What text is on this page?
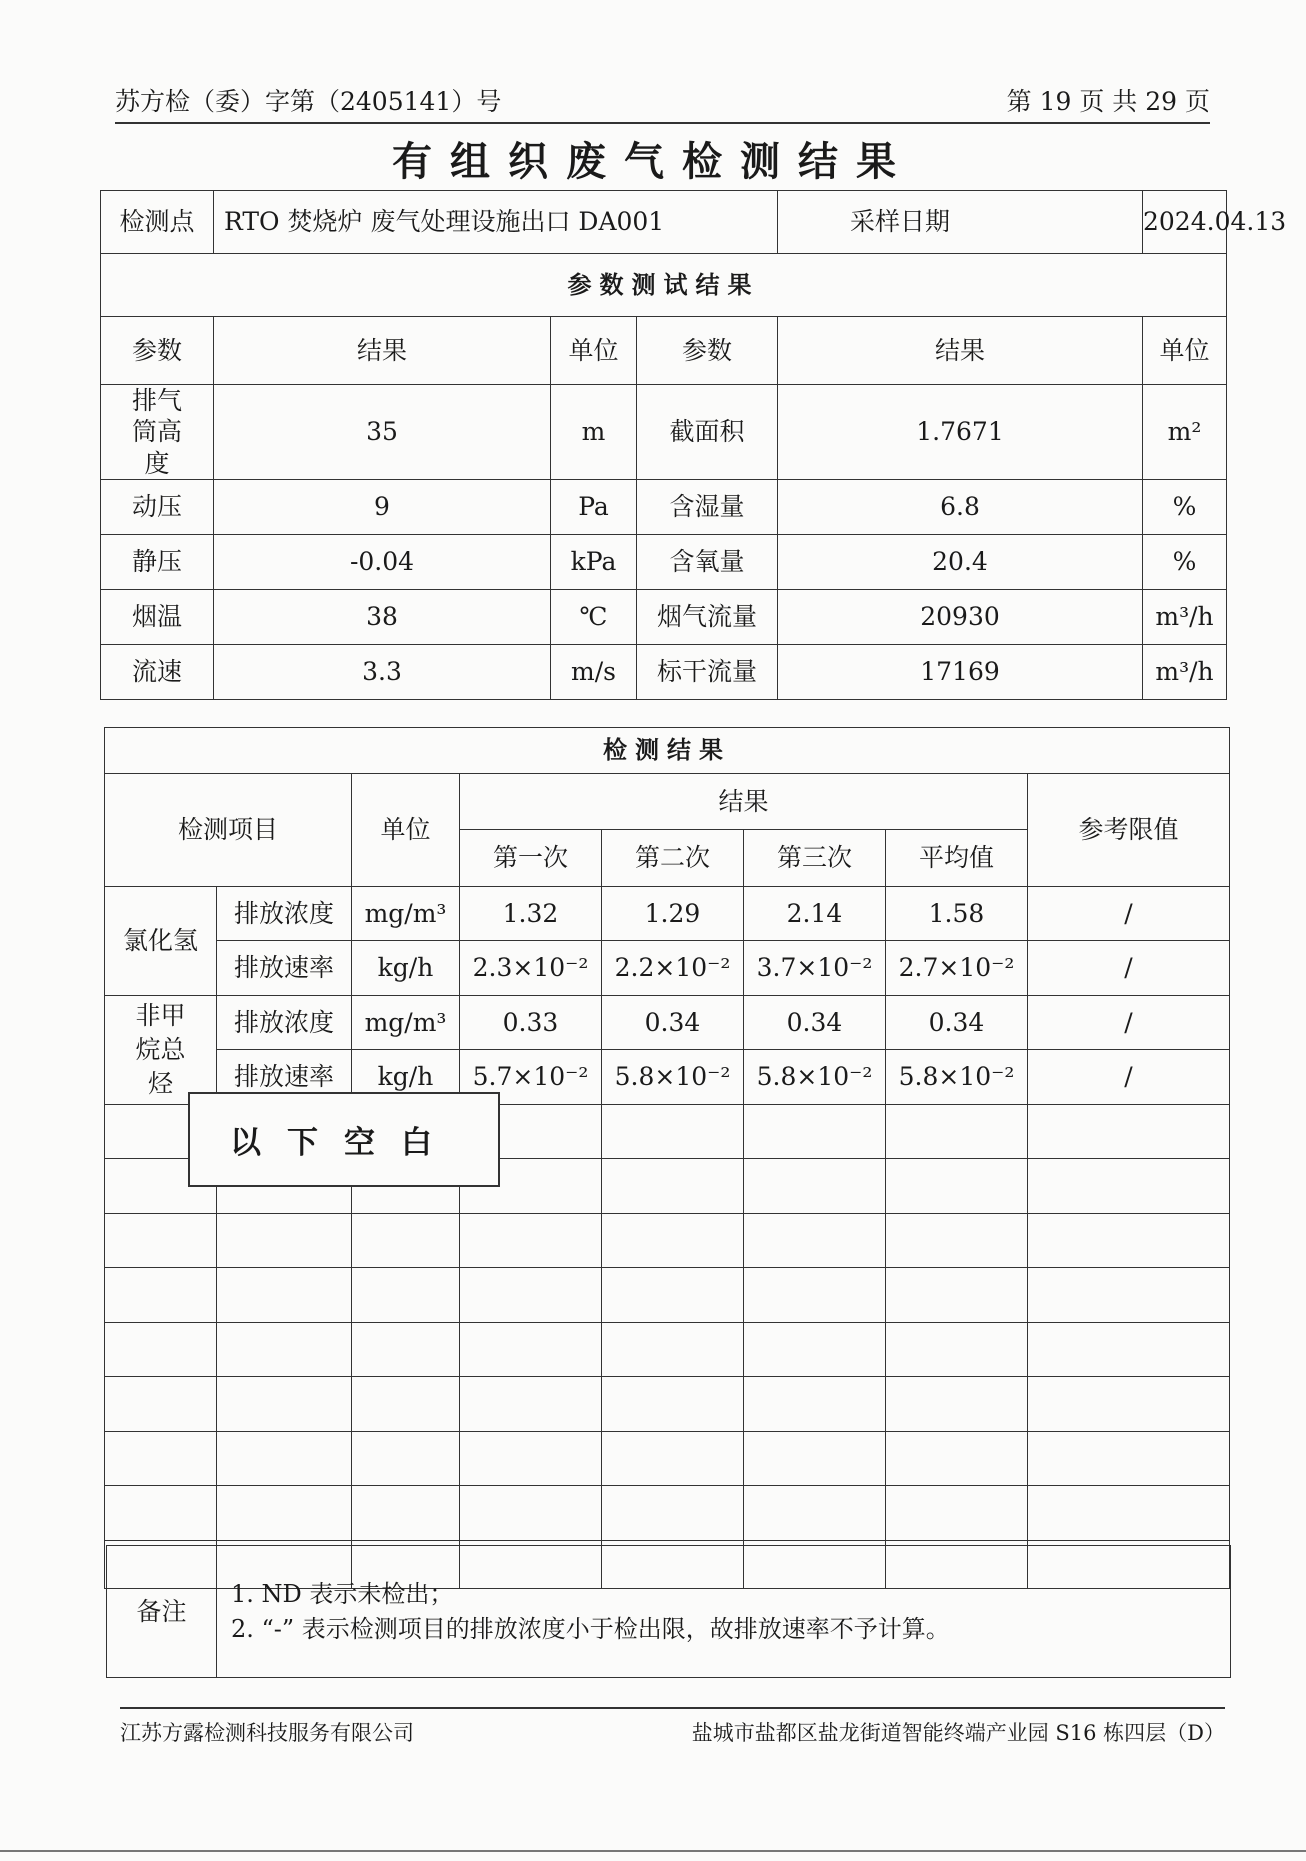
苏方检（委）字第（2405141）号	第 19 页 共 29 页
有组织废气检测结果
检测点	RTO 焚烧炉 废气处理设施出口 DA001			采样日期	2024.04.13
参数测试结果					
参数	结果	单位	参数	结果	单位

排气筒高度	35	m	截面积	1.7671	m²
动压	9	Pa	含湿量	6.8	%
静压	-0.04	kPa	含氧量	20.4	%
烟温	38	℃	烟气流量	20930	m³/h
流速	3.3	m/s	标干流量	17169	m³/h
检测结果							
检测项目		单位	结果				参考限值
			第一次	第二次	第三次	平均值	
氯化氢	排放浓度	mg/m³	1.32	1.29	2.14	1.58	/
	排放速率	kg/h	2.3×10⁻²	2.2×10⁻²	3.7×10⁻²	2.7×10⁻²	/

非甲烷总烃	排放浓度	mg/m³	0.33	0.34	0.34	0.34	/
	排放速率	kg/h	5.7×10⁻²	5.8×10⁻²	5.8×10⁻²	5.8×10⁻²	/

以下空白
备注	
1. ND 表示未检出；
2. “-” 表示检测项目的排放浓度小于检出限，故排放速率不予计算。
江苏方露检测科技服务有限公司	盐城市盐都区盐龙街道智能终端产业园 S16 栋四层（D）
